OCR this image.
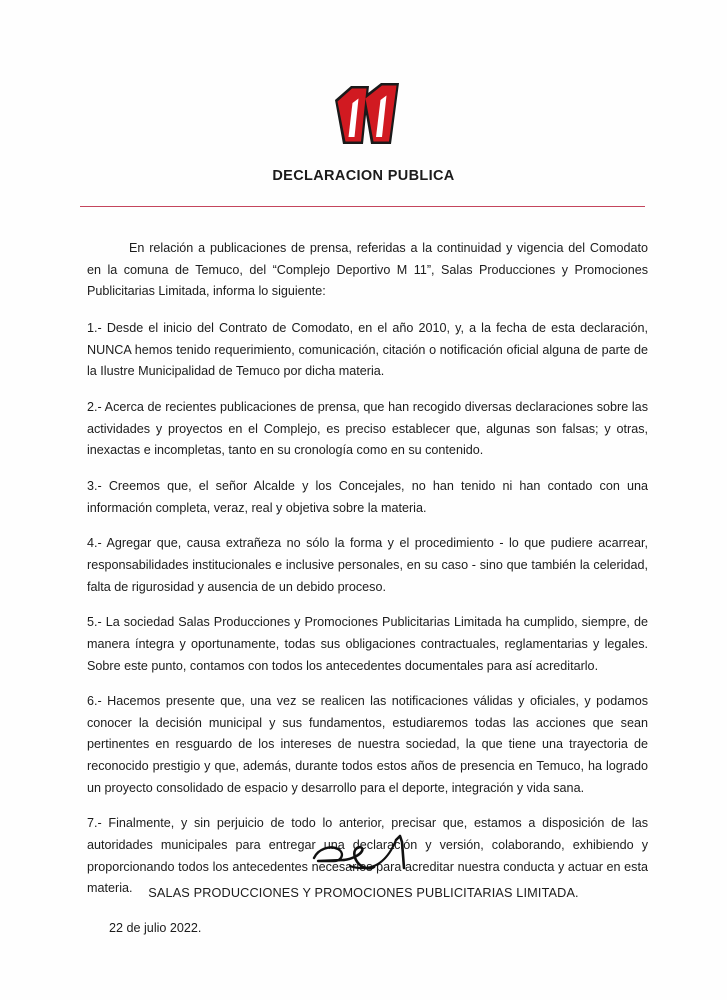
DECLARACION PUBLICA

En relación a publicaciones de prensa, referidas a la continuidad y vigencia del Comodato en la comuna de Temuco, del “Complejo Deportivo M 11”, Salas Producciones y Promociones Publicitarias Limitada, informa lo siguiente:

1.- Desde el inicio del Contrato de Comodato, en el año 2010, y, a la fecha de esta declaración, NUNCA hemos tenido requerimiento, comunicación, citación o notificación oficial alguna de parte de la Ilustre Municipalidad de Temuco por dicha materia.

2.- Acerca de recientes publicaciones de prensa, que han recogido diversas declaraciones sobre las actividades y proyectos en el Complejo, es preciso establecer que, algunas son falsas; y otras, inexactas e incompletas, tanto en su cronología como en su contenido.

3.- Creemos que, el señor Alcalde y los Concejales, no han tenido ni han contado con una información completa, veraz, real y objetiva sobre la materia.

4.- Agregar que, causa extrañeza no sólo la forma y el procedimiento - lo que pudiere acarrear, responsabilidades institucionales e inclusive personales, en su caso - sino que también la celeridad, falta de rigurosidad y ausencia de un debido proceso.

5.- La sociedad Salas Producciones y Promociones Publicitarias Limitada ha cumplido, siempre, de manera íntegra y oportunamente, todas sus obligaciones contractuales, reglamentarias y legales. Sobre este punto, contamos con todos los antecedentes documentales para así acreditarlo.

6.- Hacemos presente que, una vez se realicen las notificaciones válidas y oficiales, y podamos conocer la decisión municipal y sus fundamentos, estudiaremos todas las acciones que sean pertinentes en resguardo de los intereses de nuestra sociedad, la que tiene una trayectoria de reconocido prestigio y que, además, durante todos estos años de presencia en Temuco, ha logrado un proyecto consolidado de espacio y desarrollo para el deporte, integración y vida sana.

7.- Finalmente, y sin perjuicio de todo lo anterior, precisar que, estamos a disposición de las autoridades municipales para entregar una declaración y versión, colaborando, exhibiendo y proporcionando todos los antecedentes necesarios para acreditar nuestra conducta y actuar en esta materia.

22 de julio 2022.

SALAS PRODUCCIONES Y PROMOCIONES PUBLICITARIAS LIMITADA.
